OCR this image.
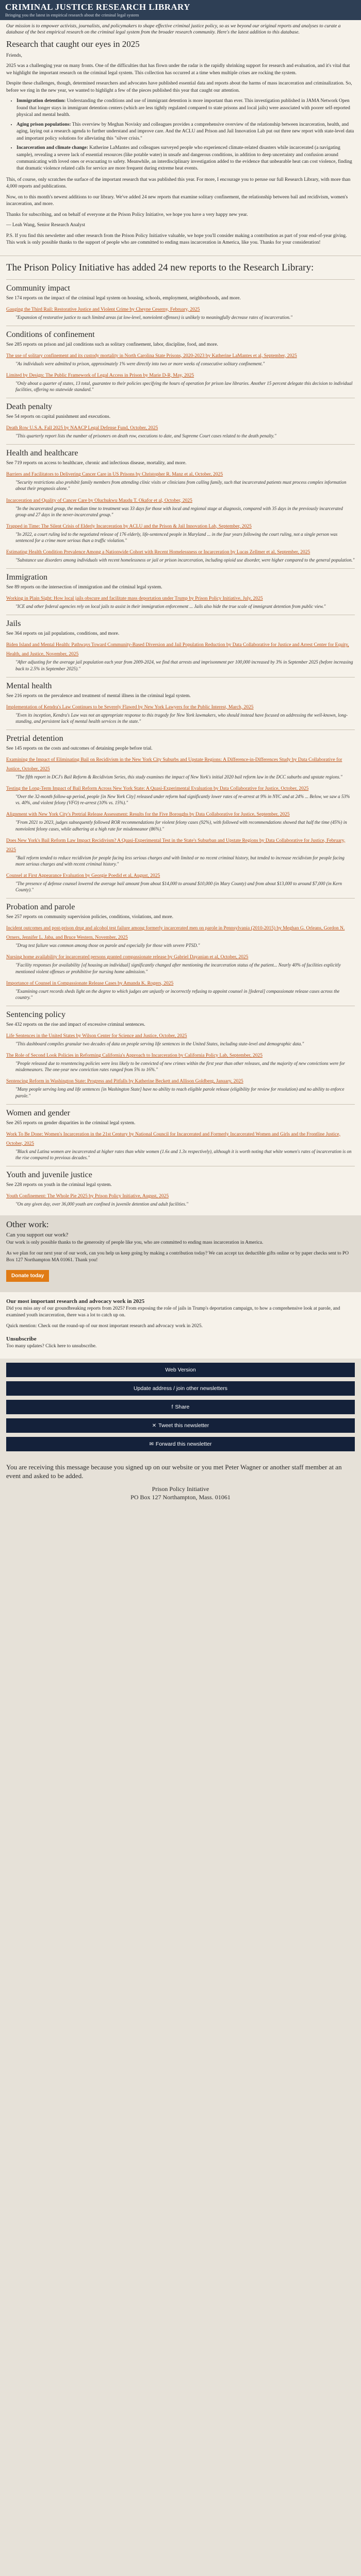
CRIMINAL JUSTICE RESEARCH LIBRARY

Bringing you the latest in empirical research about the criminal legal system

Our mission is to empower activists, journalists, and policymakers to shape effective criminal justice policy, so as we beyond our original reports and analyses to curate a database of the best empirical research on the criminal legal system from the broader research community. Here's the latest addition to this database.

Research that caught our eyes in 2025

Friends,

2025 was a challenging year on many fronts. One of the difficulties that has flown under the radar is the rapidly shrinking support for research and evaluation, and it's vital that we highlight the important research on the criminal legal system. This collection has occurred at a time when multiple crises are rocking the system.

Despite these challenges, though, determined researchers and advocates have published essential data and reports about the harms of mass incarceration and criminalization. So, before we ring in the new year, we wanted to highlight a few of the pieces published this year that caught our attention.

• Immigration detention: Understanding the conditions and use of immigrant detention is more important than ever. This investigation published in JAMA Network Open found that longer stays in immigrant detention centers (which are less tightly regulated compared to state prisons and local jails) were associated with poorer self-reported physical and mental health.
• Aging prison populations: This overview by Meghan Novisky and colleagues provides a comprehensive overview of the relationship between incarceration, health, and aging, laying out a research agenda to further understand and improve care. And the ACLU and Prison and Jail Innovation Lab put out three new report with state-level data and important policy solutions for alleviating this "silver crisis."
• Incarceration and climate change: Katherine LaMantes and colleagues surveyed people who experienced climate-related disasters while incarcerated (a navigating sample), revealing a severe lack of essential resources (like potable water) in unsafe and dangerous conditions, in addition to deep uncertainty and confusion around communicating with loved ones or evacuating to safety. Meanwhile, an interdisciplinary investigation added to the evidence that unbearable heat can cost violence, finding that dramatic violence related calls for service are more frequent during extreme heat events.

This, of course, only scratches the surface of the important research that was published this year. For more, I encourage you to peruse our full Research Library, with more than 4,000 reports and publications.

Now, on to this month's newest additions to our library. We've added 24 new reports that examine solitary confinement, the relationship between bail and recidivism, women's incarceration, and more.

Thanks for subscribing, and on behalf of everyone at the Prison Policy Initiative, we hope you have a very happy new year.

— Leah Wang, Senior Research Analyst

P.S. If you find this newsletter and other research from the Prison Policy Initiative valuable, we hope you'll consider making a contribution as part of your end-of-year giving. This work is only possible thanks to the support of people who are committed to ending mass incarceration in America, like you. Thanks for your consideration!

The Prison Policy Initiative has added 24 new reports to the Research Library:
Community impact

See 174 reports on the impact of the criminal legal system on housing, schools, employment, neighborhoods, and more.

Gauging the Third Rail: Restorative Justice and Violent Crime by Cheyne Ceserny, February, 2025
"Expansion of restorative justice to such limited areas (at low-level, nonviolent offenses) is unlikely to meaningfully decrease rates of incarceration."
Conditions of confinement

See 285 reports on prison and jail conditions such as solitary confinement, labor, discipline, food, and more.

The use of solitary confinement and its custody mortality in North Carolina State Prisons, 2020-2023 by Katherine LaMantes et al, September, 2025
"As individuals were admitted to prison, approximately 1% were directly into two or more weeks of consecutive solitary confinement."
Limited by Design: The Public Framework of Legal Access in Prison by Marie D-R, May, 2025
"Only about a quarter of states, 13 total, guarantee to their policies specifying the hours of operation for prison law libraries. Another 15 percent delegate this decision to individual facilities, offering no statewide standard."
Death penalty

See 54 reports on capital punishment and executions.

Death Row U.S.A. Fall 2025 by NAACP Legal Defense Fund, October, 2025
"This quarterly report lists the number of prisoners on death row, executions to date, and Supreme Court cases related to the death penalty."
Health and healthcare

See 719 reports on access to healthcare, chronic and infectious disease, mortality, and more.

Barriers and Facilitators to Delivering Cancer Care in US Prisons by Christopher R. Manz et al, October, 2025
"Security restrictions also prohibit family members from attending clinic visits or clinicians from calling family, such that incarcerated patients must process complex information about their prognosis alone."
Incarceration and Quality of Cancer Care by Oluchukwu Maudu T. Okafor et al, October, 2025
"In the incarcerated group, the median time to treatment was 33 days for those with local and regional stage at diagnosis, compared with 35 days in the previously incarcerated group and 27 days in the never-incarcerated group."
Trapped in Time: The Silent Crisis of Elderly Incarceration by ACLU and the Prison & Jail Innovation Lab, September, 2025
"In 2022, a court ruling led to the negotiated release of 176 elderly, life-sentenced people in Maryland ... in the four years following the court ruling, not a single person was sentenced for a crime more serious than a traffic violation."
Estimating Health Condition Prevalence Among a Nationwide Cohort with Recent Homelessness or Incarceration by Lucas Zellmer et al, September, 2025
"Substance use disorders among individuals with recent homelessness or jail or prison incarceration, including opioid use disorder, were higher compared to the general population."
Immigration

See 89 reports on the intersection of immigration and the criminal legal system.

Working in Plain Sight: How local jails obscure and facilitate mass deportation under Trump by Prison Policy Initiative, July, 2025
"ICE and other federal agencies rely on local jails to assist in their immigration enforcement ... Jails also hide the true scale of immigrant detention from public view."
Jails

See 364 reports on jail populations, conditions, and more.

Biden Island and Mental Health: Pathways Toward Community-Based Diversion and Jail Population Reduction by Data Collaborative for Justice and Arrest Center for Equity, Health, and Justice, November, 2025
"After adjusting for the average jail population each year from 2009-2024, we find that arrests and imprisonment per 100,000 increased by 3% in September 2025 (before increasing back to 2.5% in September 2025)."
Mental health

See 216 reports on the prevalence and treatment of mental illness in the criminal legal system.

Implementation of Kendra's Law Continues to be Severely Flawed by New York Lawyers for the Public Interest, March, 2025
"Even its inception, Kendra's Law was not an appropriate response to this tragedy for New York lawmakers, who should instead have focused on addressing the well-known, long-standing, and persistent lack of mental health services in the state."
Pretrial detention

See 145 reports on the costs and outcomes of detaining people before trial.

Examining the Impact of Eliminating Bail on Recidivism in the New York City Suburbs and Upstate Regions: A Difference-in-Differences Study by Data Collaborative for Justice, October, 2025
"The fifth report in DCJ's Bail Reform & Recidivism Series, this study examines the impact of New York's initial 2020 bail reform law in the DCC suburbs and upstate regions."
Testing the Long-Term Impact of Bail Reform Across New York State: A Quasi-Experimental Evaluation by Data Collaborative for Justice, October, 2025
"Over the 32-month follow-up period, people [in New York City] released under reform had significantly lower rates of re-arrest at 9% in NYC and at 24% ... Below, we saw a 53% vs. 40%, and violent felony (VFO) re-arrest (10% vs. 15%)."
Alignment with New York City's Pretrial Release Assessment: Results for the Five Boroughs by Data Collaborative for Justice, September, 2025
"From 2021 to 2023, judges subsequently followed ROR recommendations for violent felony cases (92%), with followed with recommendations showed that half the time (45%) in nonviolent felony cases, while adhering at a high rate for misdemeanor (86%)."
Does New York's Bail Reform Law Impact Recidivism? A Quasi-Experimental Test in the State's Suburban and Upstate Regions by Data Collaborative for Justice, February, 2025
"Bail reform tended to reduce recidivism for people facing less serious charges and with limited or no recent criminal history, but tended to increase recidivism for people facing more serious charges and with recent criminal history."
Counsel at First Appearance Evaluation by Georgie Poedid et al, August, 2025
"The presence of defense counsel lowered the average bail amount from about $14,000 to around $10,000 (in Mary County) and from about $13,000 to around $7,000 (in Kern County)."
Probation and parole

See 257 reports on community supervision policies, conditions, violations, and more.

Incident outcomes and post-prison drug and alcohol test failure among formerly incarcerated men on parole in Pennsylvania (2010-2015) by Meghan G. Orleans, Gordon N. Orners, Jennifer L. Jaba, and Bruce Western, November, 2025
"Drug test failure was common among those on parole and especially for those with severe PTSD."
Nursing home availability for incarcerated persons granted compassionate release by Gabriel Dayanian et al, October, 2025
"Facility responses for availability [of housing an individual] significantly changed after mentioning the incarceration status of the patient... Nearly 40% of facilities explicitly mentioned violent offenses or prohibitive for nursing home admission."
Importance of Counsel in Compassionate Release Cases by Amanda K. Rogers, 2025
"Examining court records sheds light on the degree to which judges are unjustly or incorrectly refusing to appoint counsel in [federal] compassionate release cases across the country."
Sentencing policy

See 432 reports on the rise and impact of excessive criminal sentences.

Life Sentences in the United States by Wilson Center for Science and Justice, October, 2025
"This dashboard compiles granular two decades of data on people serving life sentences in the United States, including state-level and demographic data."
The Role of Second Look Policies in Reforming California's Approach to Incarceration by California Policy Lab, September, 2025
"People released due to resentencing policies were less likely to be convicted of new crimes within the first year than other releases, and the majority of new convictions were for misdemeanors. The one-year new conviction rates ranged from 5% to 16%."
Sentencing Reform in Washington State: Progress and Pitfalls by Katherine Beckett and Allison Goldberg, January, 2025
"Many people serving long and life sentences [in Washington State] have no ability to reach eligible parole release (eligibility for review for resolution) and no ability to enforce parole."
Women and gender

See 265 reports on gender disparities in the criminal legal system.

Work To Be Done: Women's Incarceration in the 21st Century by National Council for Incarcerated and Formerly Incarcerated Women and Girls and the Frontline Justice, October, 2025
"Black and Latina women are incarcerated at higher rates than white women (1.6x and 1.3x respectively), although it is worth noting that white women's rates of incarceration is on the rise compared to previous decades."
Youth and juvenile justice

See 228 reports on youth in the criminal legal system.

Youth Confinement: The Whole Pie 2025 by Prison Policy Initiative, August, 2025
"On any given day, over 36,000 youth are confined in juvenile detention and adult facilities."
Other work:
Can you support our work?

Our work is only possible thanks to the generosity of people like you, who are committed to ending mass incarceration in America.

As we plan for our next year of our work, can you help us keep going by making a contribution today? We can accept tax deductible gifts online or by paper checks sent to PO Box 127 Northampton MA 01061. Thank you!

Donate today
Our most important research and advocacy work in 2025

Did you miss any of our groundbreaking reports from 2025? From exposing the role of jails in Trump's deportation campaign, to how a comprehensive look at parole, and examined youth incarceration, there was a lot to catch up on.

Quick mention: Check out the round-up of our most important research and advocacy work in 2025.

Unsubscribe

Too many updates? Click here to unsubscribe.

Web Version
Update address / join other newsletters
f Share
✕ Tweet this newsletter
✉ Forward this newsletter

You are receiving this message because you signed up on our website or you met Peter Wagner or another staff member at an event and asked to be added.

Prison Policy Initiative
PO Box 127 Northampton, Mass. 01061
